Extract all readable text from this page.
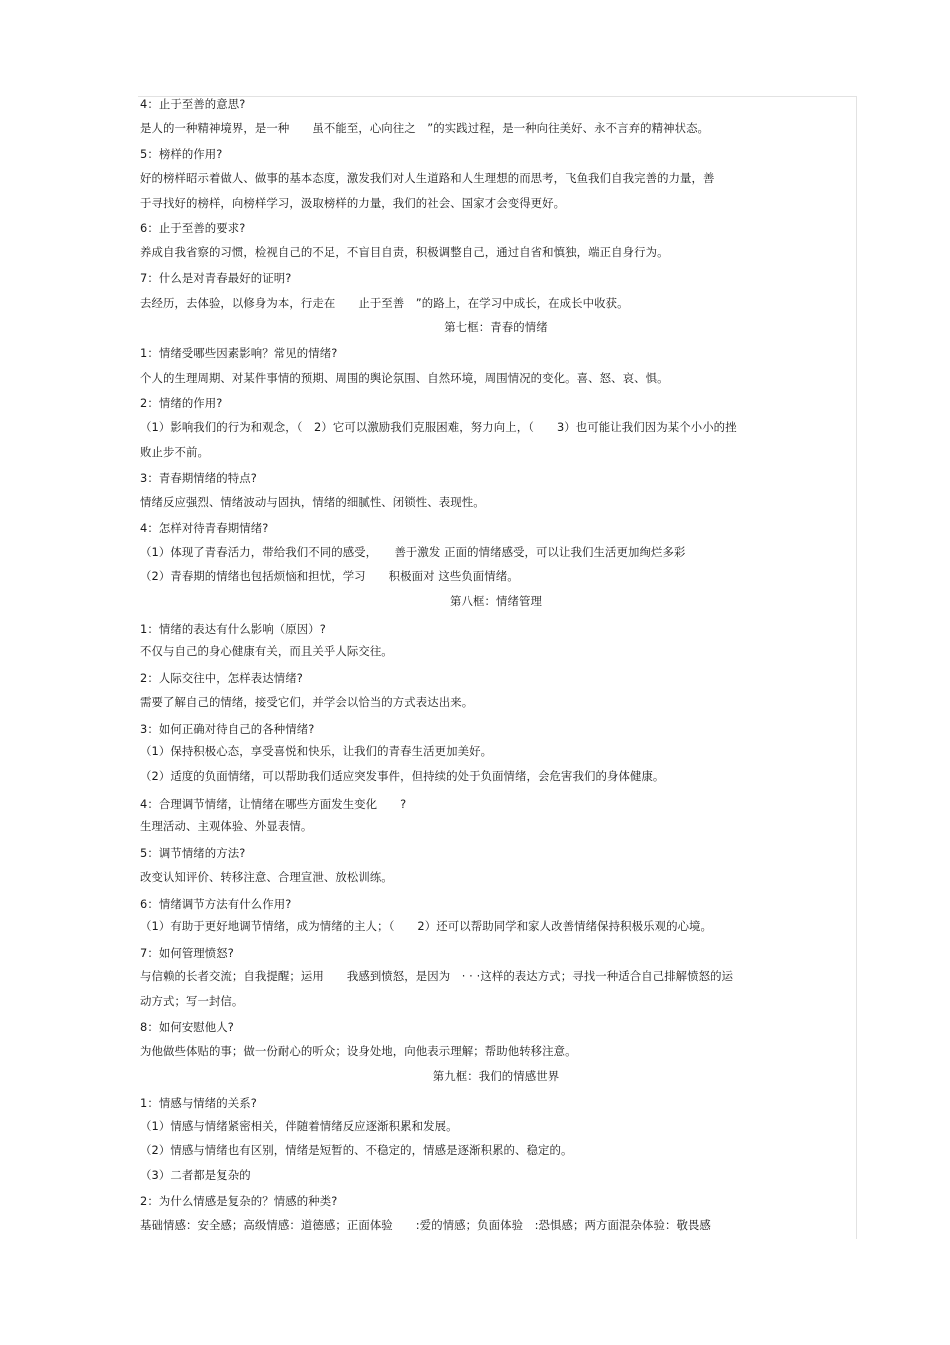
4：止于至善的意思?
是人的一种精神境界，是一种　　虽不能至，心向往之　”的实践过程，是一种向往美好、永不言弃的精神状态。
5：榜样的作用?
好的榜样昭示着做人、做事的基本态度，激发我们对人生道路和人生理想的而思考，飞鱼我们自我完善的力量，善
于寻找好的榜样，向榜样学习，汲取榜样的力量，我们的社会、国家才会变得更好。
6：止于至善的要求?
养成自我省察的习惯，检视自己的不足，不盲目自责，积极调整自己，通过自省和慎独，端正自身行为。
7：什么是对青春最好的证明?
去经历，去体验，以修身为本，行走在　　止于至善　”的路上，在学习中成长，在成长中收获。
第七框：青春的情绪
1：情绪受哪些因素影响？常见的情绪?
个人的生理周期、对某件事情的预期、周围的舆论氛围、自然环境，周围情况的变化。喜、怒、哀、惧。
2：情绪的作用?
（1）影响我们的行为和观念，（　2）它可以激励我们克服困难，努力向上，（　　3）也可能让我们因为某个小小的挫
败止步不前。
3：青春期情绪的特点?
情绪反应强烈、情绪波动与固执，情绪的细腻性、闭锁性、表现性。
4：怎样对待青春期情绪?
（1）体现了青春活力，带给我们不同的感受，　　善于激发 正面的情绪感受，可以让我们生活更加绚烂多彩
（2）青春期的情绪也包括烦恼和担忧，学习　　积极面对 这些负面情绪。
第八框：情绪管理
1：情绪的表达有什么影响（原因）?
不仅与自己的身心健康有关，而且关乎人际交往。
2：人际交往中，怎样表达情绪?
需要了解自己的情绪，接受它们，并学会以恰当的方式表达出来。
3：如何正确对待自己的各种情绪?
（1）保持积极心态，享受喜悦和快乐，让我们的青春生活更加美好。
（2）适度的负面情绪，可以帮助我们适应突发事件，但持续的处于负面情绪，会危害我们的身体健康。
4：合理调节情绪，让情绪在哪些方面发生变化　　?
生理活动、主观体验、外显表情。
5：调节情绪的方法?
改变认知评价、转移注意、合理宣泄、放松训练。
6：情绪调节方法有什么作用?
（1）有助于更好地调节情绪，成为情绪的主人；（　　2）还可以帮助同学和家人改善情绪保持积极乐观的心境。
7：如何管理愤怒?
与信赖的长者交流；自我提醒；运用　　我感到愤怒，是因为　· · ·这样的表达方式；寻找一种适合自己排解愤怒的运
动方式；写一封信。
8：如何安慰他人?
为他做些体贴的事；做一份耐心的听众；设身处地，向他表示理解；帮助他转移注意。
第九框：我们的情感世界
1：情感与情绪的关系?
（1）情感与情绪紧密相关，伴随着情绪反应逐渐积累和发展。
（2）情感与情绪也有区别，情绪是短暂的、不稳定的，情感是逐渐积累的、稳定的。
（3）二者都是复杂的
2：为什么情感是复杂的？情感的种类?
基础情感：安全感；高级情感：道德感；正面体验　　:爱的情感；负面体验　:恐惧感；两方面混杂体验：敬畏感
